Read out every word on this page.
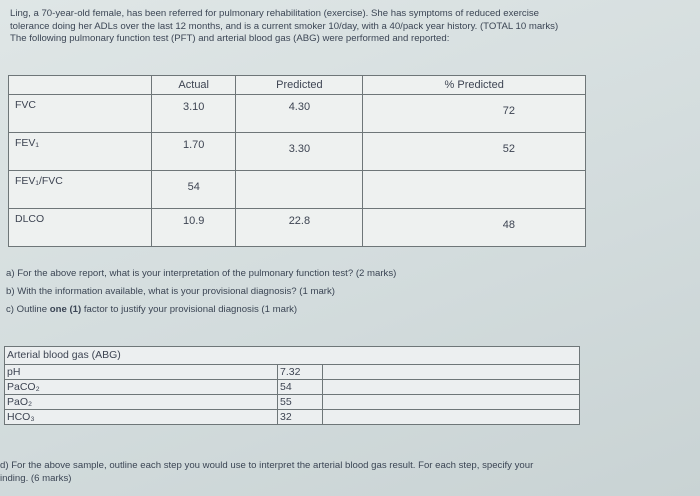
Ling, a 70-year-old female, has been referred for pulmonary rehabilitation (exercise). She has symptoms of reduced exercise

tolerance doing her ADLs over the last 12 months, and is a current smoker 10/day, with a 40/pack year history. (TOTAL 10 marks)

The following pulmonary function test (PFT) and arterial blood gas (ABG) were performed and reported:

	Actual	Predicted	% Predicted
FVC	3.10	4.30	72

FEV₁	1.70	3.30	52

FEV₁/FVC	54		

DLCO	10.9	22.8	48

a) For the above report, what is your interpretation of the pulmonary function test? (2 marks)

b) With the information available, what is your provisional diagnosis? (1 mark)

c) Outline one (1) factor to justify your provisional diagnosis (1 mark)

Arterial blood gas (ABG)		
pH	7.32	
PaCO₂	54	
PaO₂	55	
HCO₃	32	

d) For the above sample, outline each step you would use to interpret the arterial blood gas result. For each step, specify your

inding. (6 marks)
